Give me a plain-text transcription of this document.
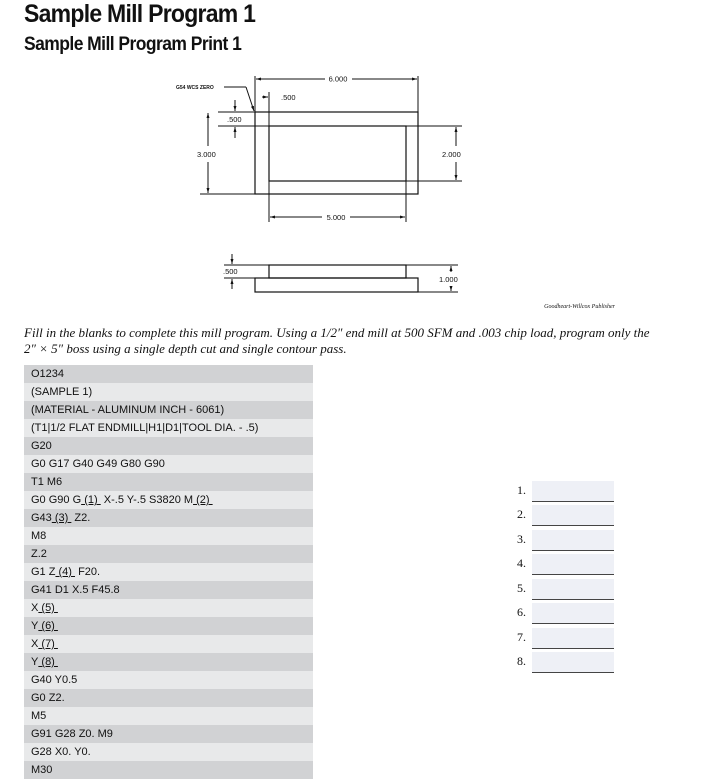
Sample Mill Program 1
Sample Mill Program Print 1
6.000
.500
.500
3.000	2.000
5.000
.500
1.000
G54 WCS ZERO
Goodheart-Willcox Publisher
Fill in the blanks to complete this mill program. Using a 1/2″ end mill at 500 SFM and .003 chip load, program only the 2″ × 5″ boss using a single depth cut and single contour pass.
O1234
(SAMPLE 1)
(MATERIAL - ALUMINUM INCH - 6061)
(T1|1/2 FLAT ENDMILL|H1|D1|TOOL DIA. - .5)
G20
G0 G17 G40 G49 G80 G90
T1 M6
G0 G90 G (1)  X-.5 Y-.5 S3820 M (2)
G43 (3)  Z2.
M8
Z.2
G1 Z (4)  F20.
G41 D1 X.5 F45.8
X (5)
Y (6)
X (7)
Y (8)
G40 Y0.5
G0 Z2.
M5
G91 G28 Z0. M9
G28 X0. Y0.
M30
1.
2.
3.
4.
5.
6.
7.
8.
